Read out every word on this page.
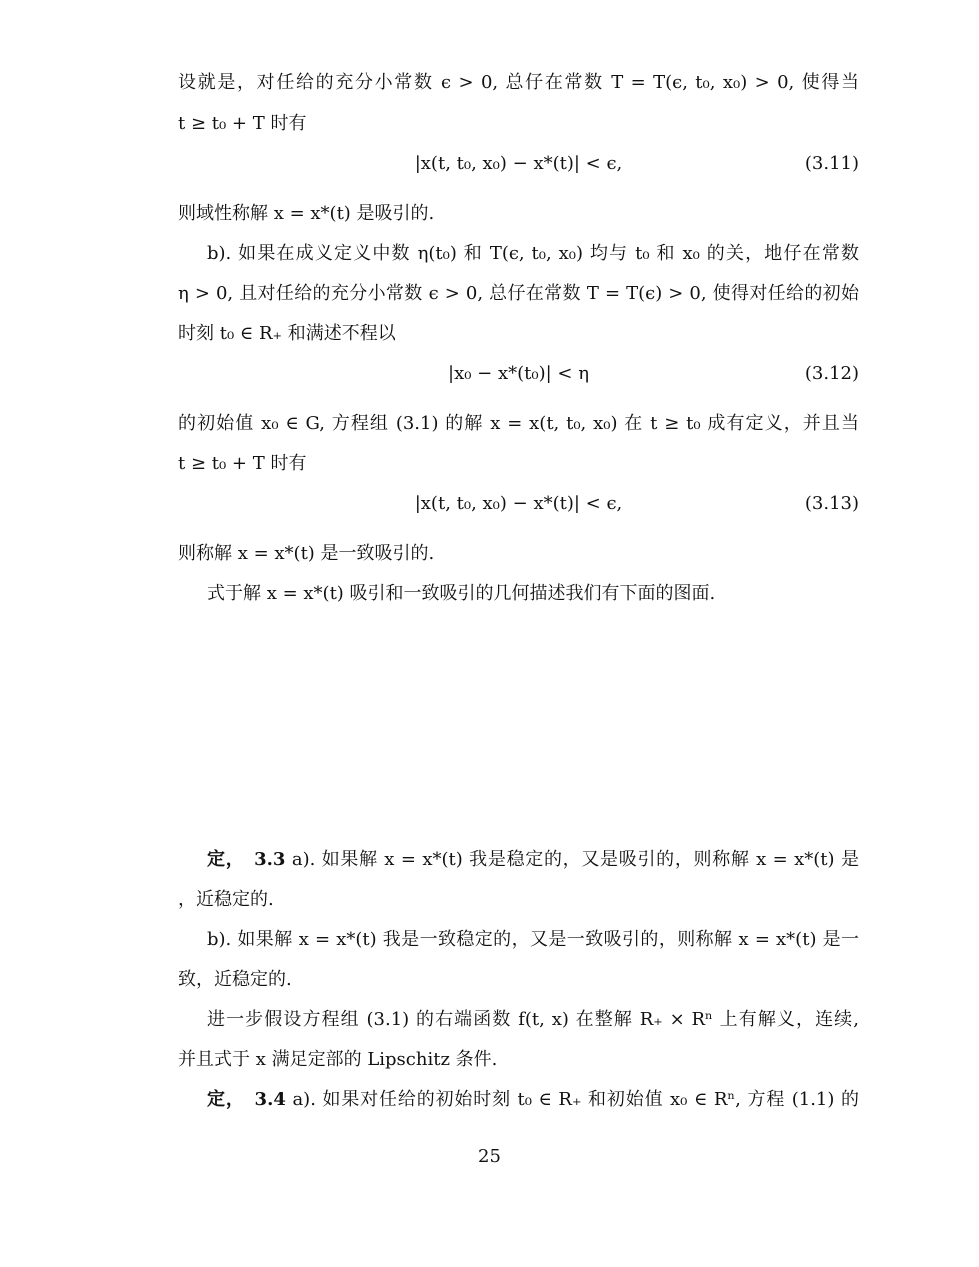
设就是，对任给的充分小常数 ϵ > 0, 总仔在常数 T = T(ϵ, t₀, x₀) > 0, 使得当
t ≥ t₀ + T 时有
|x(t, t₀, x₀) − x*(t)| < ϵ,	(3.11)
则域性称解 x = x*(t) 是吸引的.
b). 如果在成义定义中数 η(t₀) 和 T(ϵ, t₀, x₀) 均与 t₀ 和 x₀ 的关，地仔在常数
η > 0, 且对任给的充分小常数 ϵ > 0, 总仔在常数 T = T(ϵ) > 0, 使得对任给的初始
时刻 t₀ ∈ R₊ 和满述不程以
|x₀ − x*(t₀)| < η	(3.12)
的初始值 x₀ ∈ G, 方程组 (3.1) 的解 x = x(t, t₀, x₀) 在 t ≥ t₀ 成有定义，并且当
t ≥ t₀ + T 时有
|x(t, t₀, x₀) − x*(t)| < ϵ,	(3.13)
则称解 x = x*(t) 是一致吸引的.
式于解 x = x*(t) 吸引和一致吸引的几何描述我们有下面的图面.
定，　3.3 a). 如果解 x = x*(t) 我是稳定的，又是吸引的，则称解 x = x*(t) 是
，近稳定的.
b). 如果解 x = x*(t) 我是一致稳定的，又是一致吸引的，则称解 x = x*(t) 是一
致，近稳定的.
进一步假设方程组 (3.1) 的右端函数 f(t, x) 在整解 R₊ × Rⁿ 上有解义，连续,
并且式于 x 满足定部的 Lipschitz 条件.
定，　3.4 a). 如果对任给的初始时刻 t₀ ∈ R₊ 和初始值 x₀ ∈ Rⁿ, 方程 (1.1) 的
25
